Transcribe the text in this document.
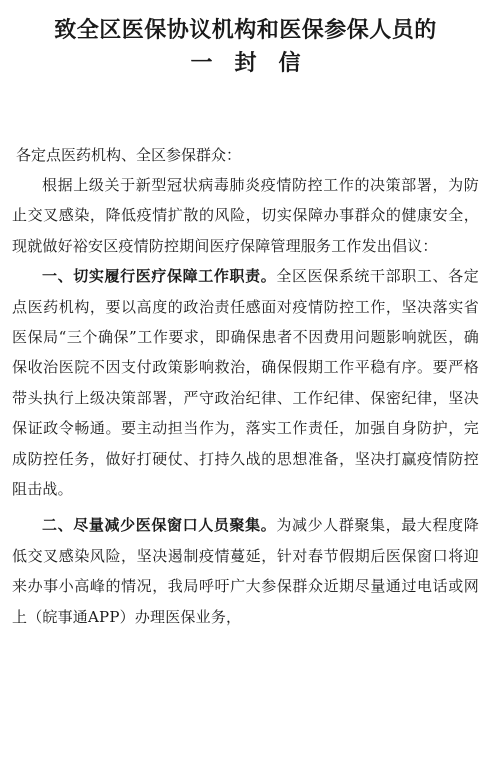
致全区医保协议机构和医保参保人员的
一封信

各定点医药机构、全区参保群众：

根据上级关于新型冠状病毒肺炎疫情防控工作的决策部署，为防止交叉感染，降低疫情扩散的风险，切实保障办事群众的健康安全，现就做好裕安区疫情防控期间医疗保障管理服务工作发出倡议：

一、切实履行医疗保障工作职责。全区医保系统干部职工、各定点医药机构，要以高度的政治责任感面对疫情防控工作，坚决落实省医保局“三个确保”工作要求，即确保患者不因费用问题影响就医，确保收治医院不因支付政策影响救治，确保假期工作平稳有序。要严格带头执行上级决策部署，严守政治纪律、工作纪律、保密纪律，坚决保证政令畅通。要主动担当作为，落实工作责任，加强自身防护，完成防控任务，做好打硬仗、打持久战的思想准备，坚决打赢疫情防控阻击战。

二、尽量减少医保窗口人员聚集。为减少人群聚集，最大程度降低交叉感染风险，坚决遏制疫情蔓延，针对春节假期后医保窗口将迎来办事小高峰的情况，我局呼吁广大参保群众近期尽量通过电话或网上（皖事通APP）办理医保业务，
